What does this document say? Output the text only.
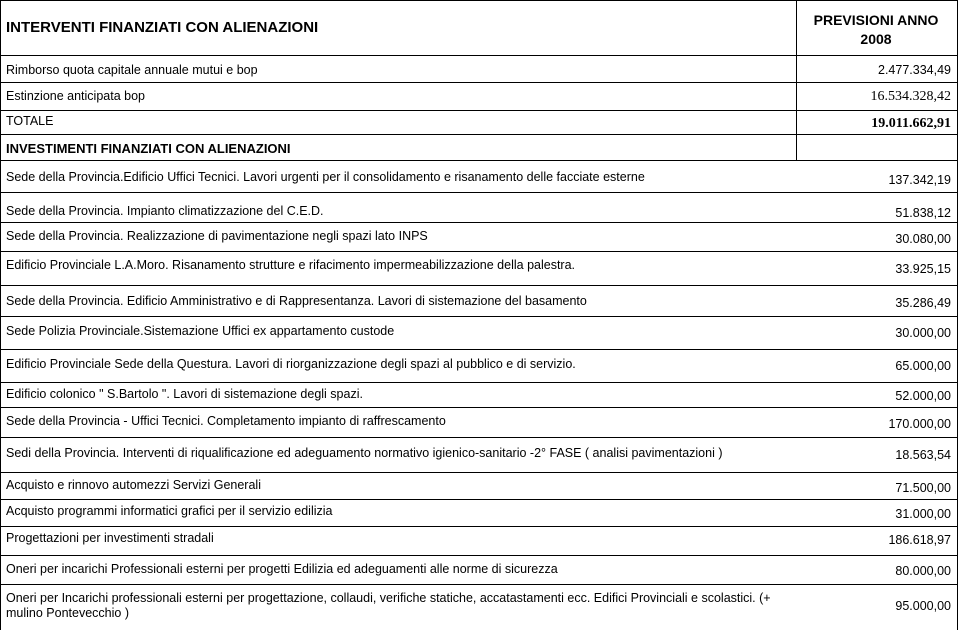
INTERVENTI FINANZIATI CON ALIENAZIONI	PREVISIONI ANNO
2008
Rimborso quota capitale annuale mutui e bop	2.477.334,49
Estinzione anticipata bop	16.534.328,42
TOTALE	19.011.662,91
INVESTIMENTI FINANZIATI CON ALIENAZIONI
Sede della Provincia.Edificio Uffici Tecnici. Lavori urgenti per il consolidamento e risanamento delle facciate esterne	137.342,19
Sede della Provincia. Impianto climatizzazione del C.E.D.	51.838,12
Sede della Provincia. Realizzazione di pavimentazione negli spazi lato INPS	30.080,00
Edificio Provinciale L.A.Moro. Risanamento strutture e rifacimento impermeabilizzazione della palestra.	33.925,15
Sede della Provincia. Edificio Amministrativo e di Rappresentanza. Lavori di sistemazione del basamento	35.286,49
Sede Polizia Provinciale.Sistemazione Uffici ex appartamento custode	30.000,00
Edificio Provinciale Sede della Questura. Lavori di riorganizzazione degli spazi al pubblico e di servizio.	65.000,00
Edificio colonico " S.Bartolo ". Lavori di sistemazione degli spazi.	52.000,00
Sede della Provincia - Uffici Tecnici. Completamento impianto di raffrescamento	170.000,00
Sedi della Provincia. Interventi di riqualificazione ed adeguamento normativo igienico-sanitario -2° FASE ( analisi pavimentazioni )	18.563,54
Acquisto e rinnovo automezzi Servizi Generali	71.500,00
Acquisto programmi informatici grafici per il servizio edilizia	31.000,00
Progettazioni per investimenti stradali	186.618,97
Oneri per incarichi Professionali esterni per progetti Edilizia ed adeguamenti alle norme di sicurezza	80.000,00
Oneri per Incarichi professionali esterni per progettazione, collaudi, verifiche statiche, accatastamenti ecc. Edifici Provinciali e scolastici. (+ mulino Pontevecchio )	95.000,00
